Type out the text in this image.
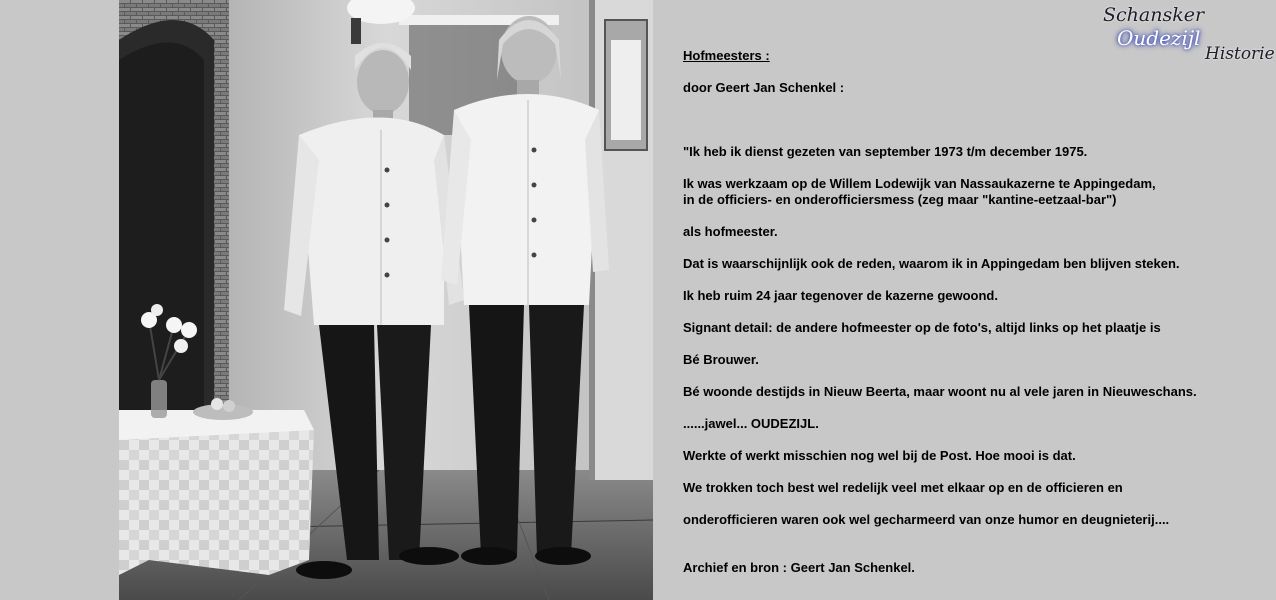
Schansker
Oudezijl
Historie
Hofmeesters :
door Geert Jan Schenkel :
"Ik heb ik dienst gezeten van september 1973 t/m december 1975.
Ik was werkzaam op de Willem Lodewijk van Nassaukazerne te Appingedam,
in de officiers- en onderofficiersmess (zeg maar "kantine-eetzaal-bar")
als hofmeester.
Dat is waarschijnlijk ook de reden, waarom ik in Appingedam ben blijven steken.
Ik heb ruim 24 jaar tegenover de kazerne gewoond.
Signant detail: de andere hofmeester op de foto's, altijd links op het plaatje is
Bé Brouwer.
Bé woonde destijds in Nieuw Beerta, maar woont nu al vele jaren in Nieuweschans.
......jawel... OUDEZIJL.
Werkte of werkt misschien nog wel bij de Post. Hoe mooi is dat.
We trokken toch best wel redelijk veel met elkaar op en de officieren en
onderofficieren waren ook wel gecharmeerd van onze humor en deugnieterij....
Archief en bron : Geert Jan Schenkel.
